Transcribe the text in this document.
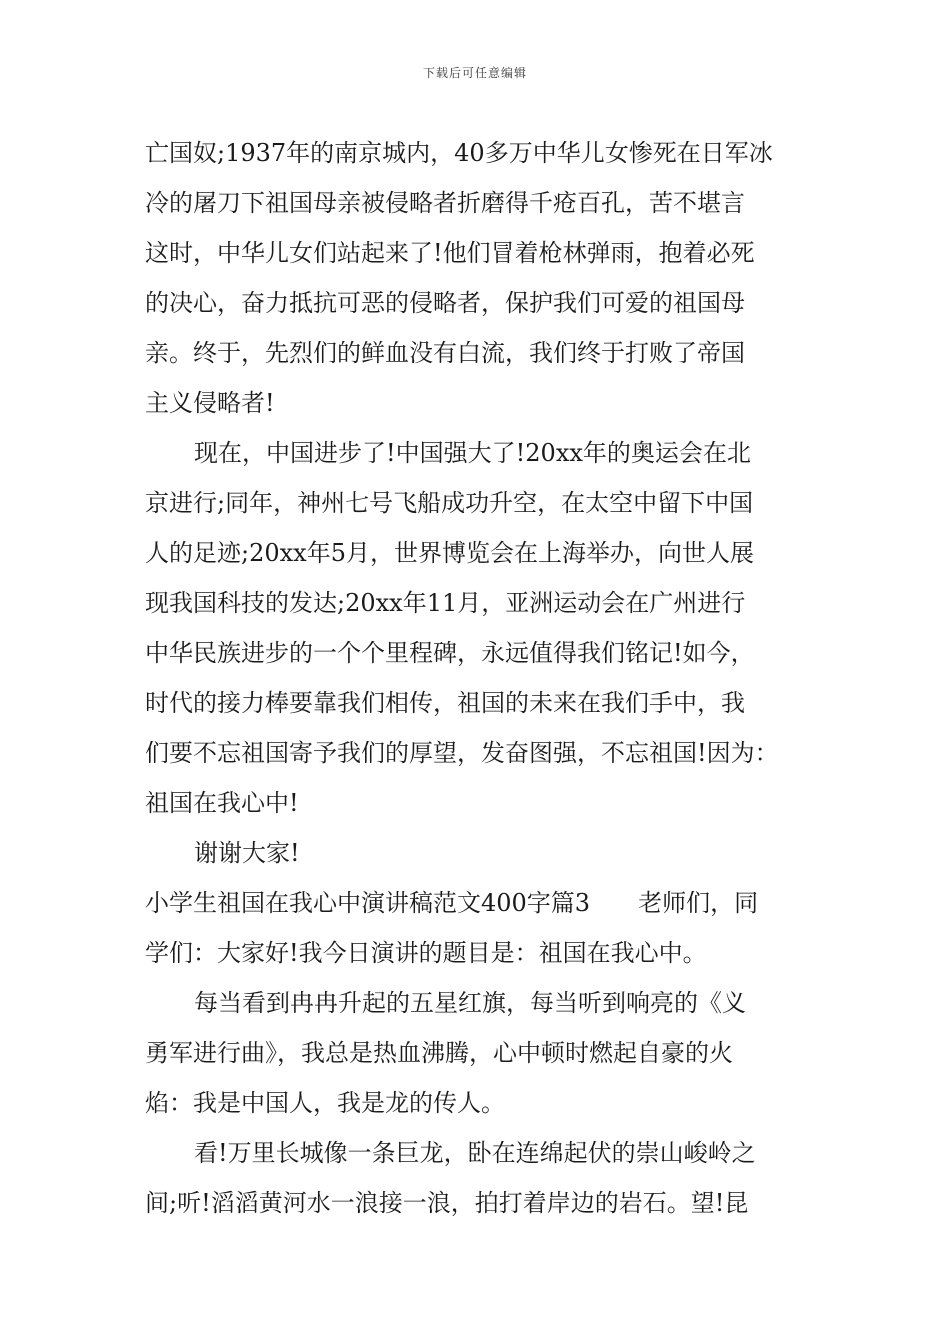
下载后可任意编辑
亡国奴;1937年的南京城内，40多万中华儿女惨死在日军冰
冷的屠刀下祖国母亲被侵略者折磨得千疮百孔，苦不堪言
这时，中华儿女们站起来了!他们冒着枪林弹雨，抱着必死
的决心，奋力抵抗可恶的侵略者，保护我们可爱的祖国母
亲。终于，先烈们的鲜血没有白流，我们终于打败了帝国
主义侵略者!
现在，中国进步了!中国强大了!20xx年的奥运会在北
京进行;同年，神州七号飞船成功升空，在太空中留下中国
人的足迹;20xx年5月，世界博览会在上海举办，向世人展
现我国科技的发达;20xx年11月，亚洲运动会在广州进行
中华民族进步的一个个里程碑，永远值得我们铭记!如今，
时代的接力棒要靠我们相传，祖国的未来在我们手中，我
们要不忘祖国寄予我们的厚望，发奋图强，不忘祖国!因为：
祖国在我心中!
谢谢大家!
小学生祖国在我心中演讲稿范文400字篇3　　老师们，同
学们：大家好!我今日演讲的题目是：祖国在我心中。
每当看到冉冉升起的五星红旗，每当听到响亮的《义
勇军进行曲》，我总是热血沸腾，心中顿时燃起自豪的火
焰：我是中国人，我是龙的传人。
看!万里长城像一条巨龙，卧在连绵起伏的崇山峻岭之
间;听!滔滔黄河水一浪接一浪，拍打着岸边的岩石。望!昆
